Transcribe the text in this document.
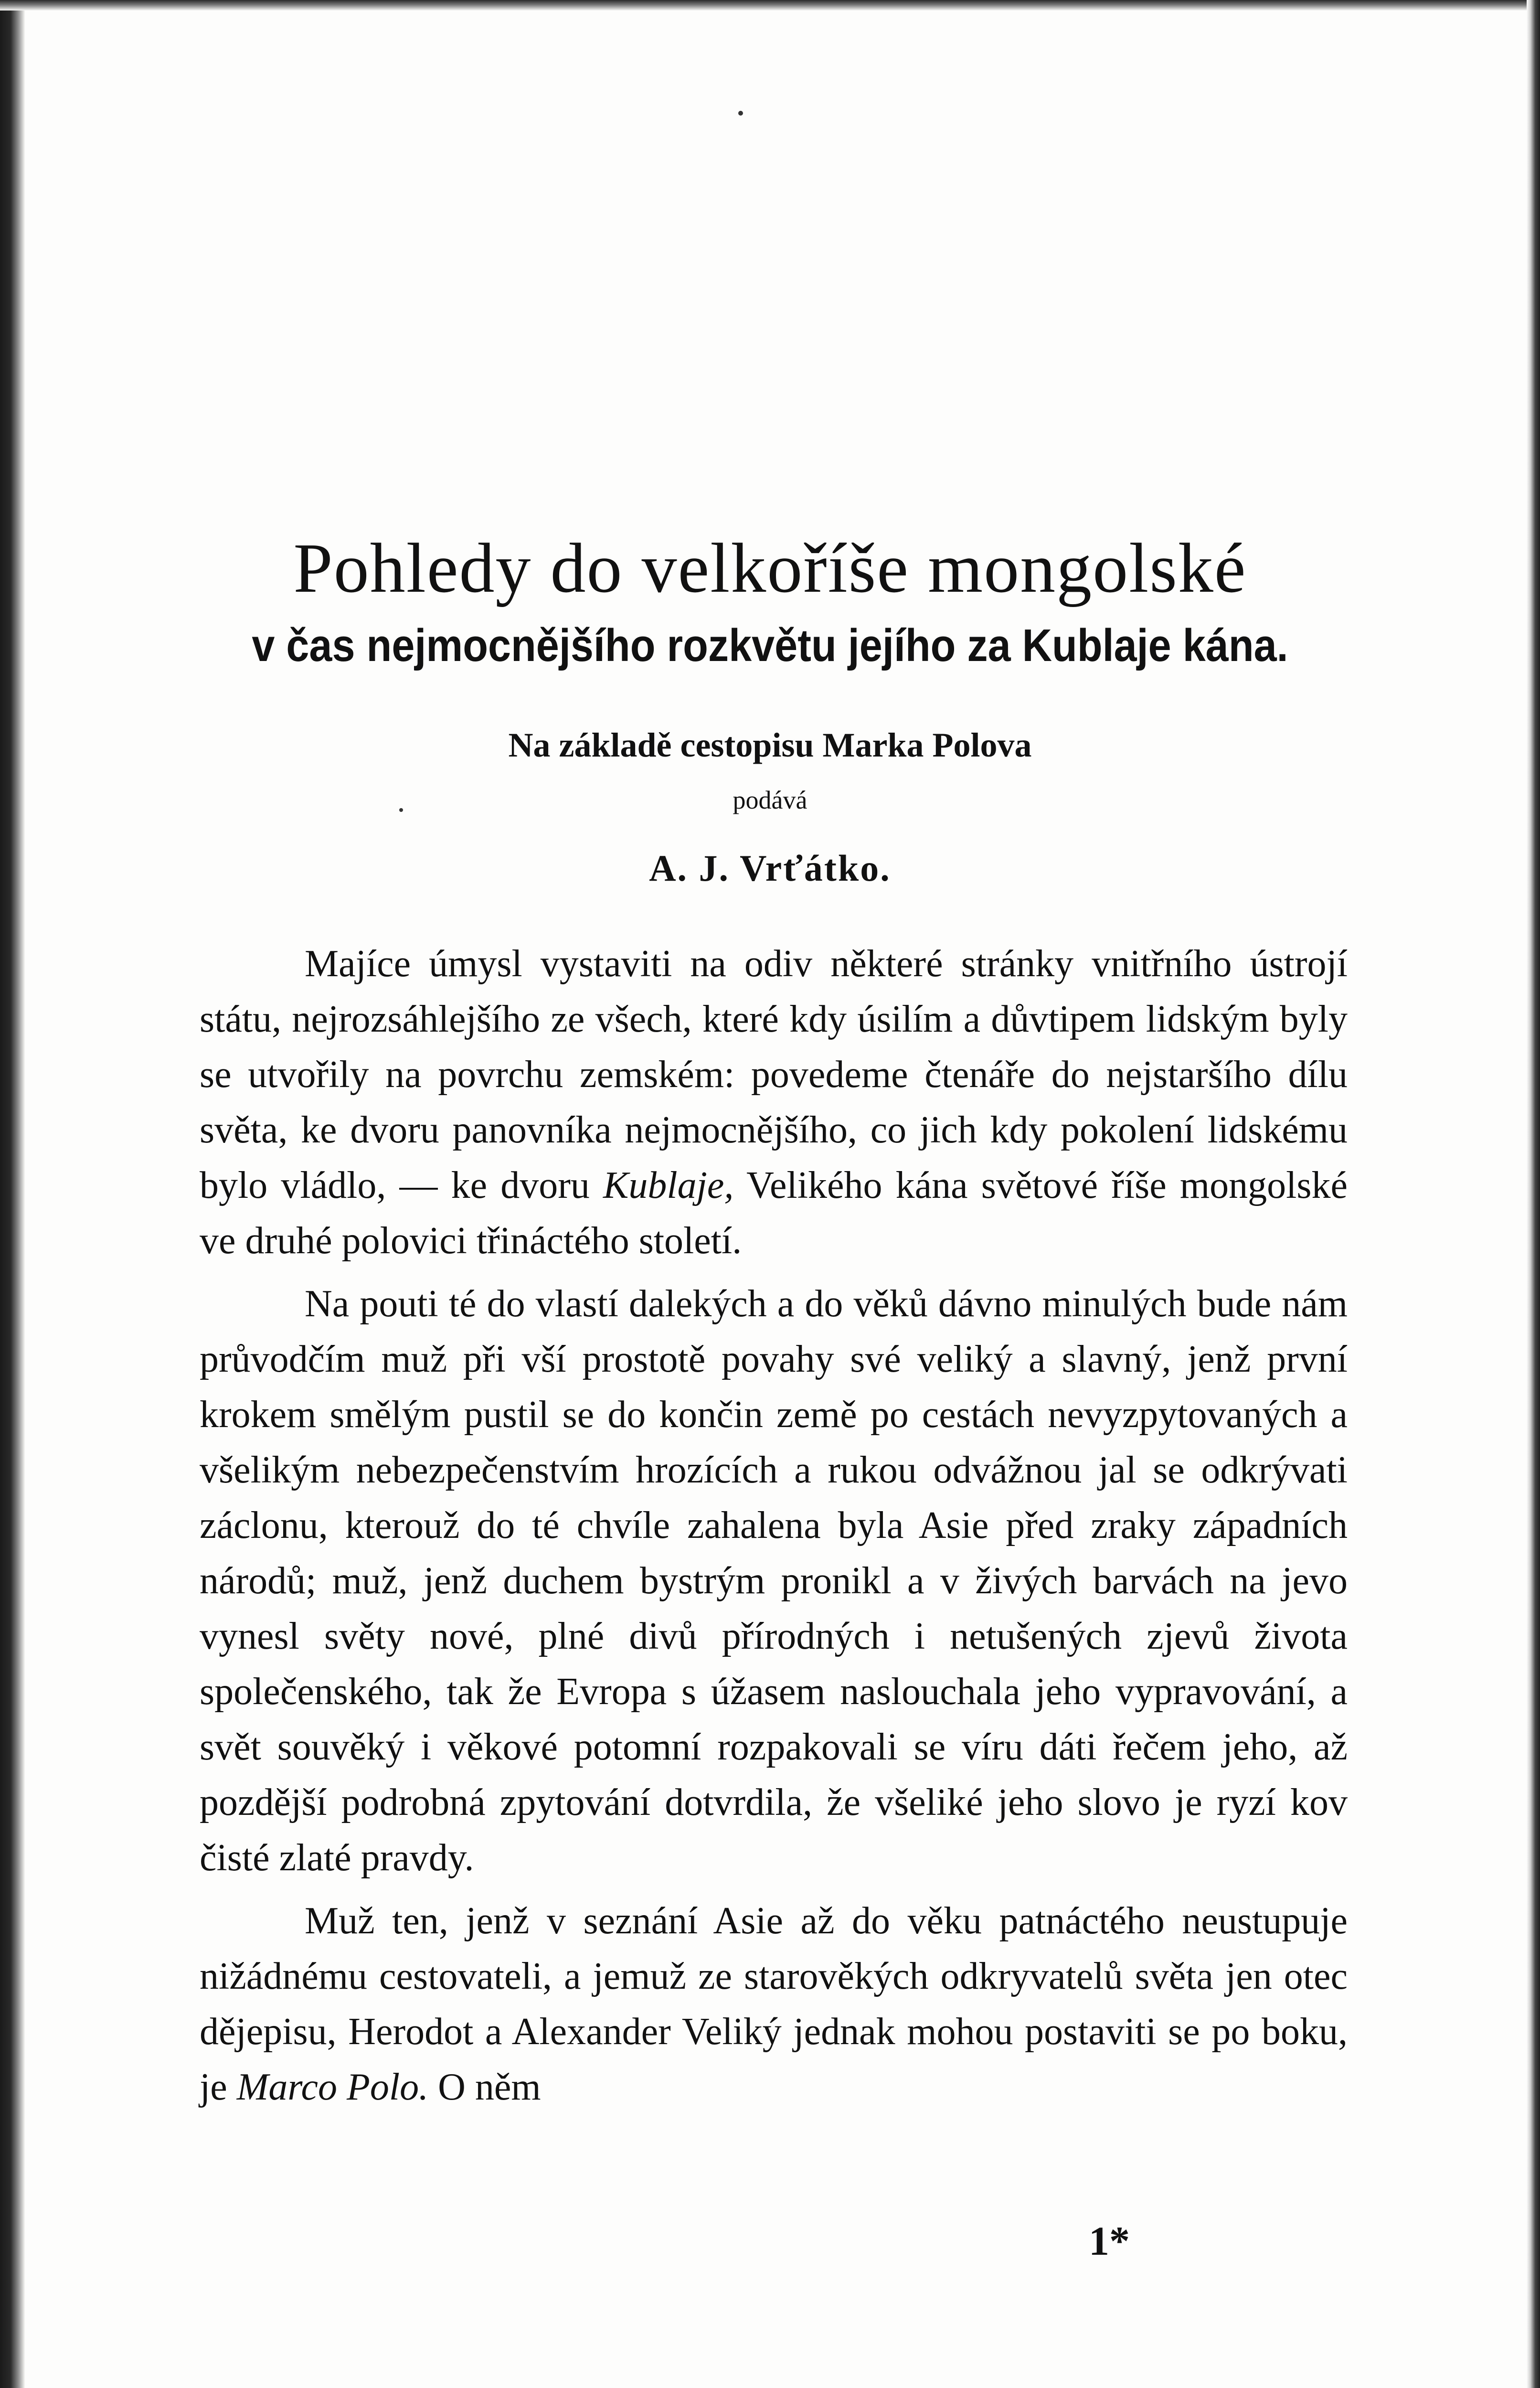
Pohledy do velkoříše mongolské
v čas nejmocnějšího rozkvětu jejího za Kublaje kána.
Na základě cestopisu Marka Polova
podává
A. J. Vrťátko.

Majíce úmysl vystaviti na odiv některé stránky vnitřního ústrojí státu, nejrozsáhlejšího ze všech, které kdy úsilím a důvtipem lidským byly se utvořily na povrchu zemském: povedeme čtenáře do nejstaršího dílu světa, ke dvoru panovníka nejmocnějšího, co jich kdy pokolení lidskému bylo vládlo, — ke dvoru Kublaje, Velikého kána světové říše mongolské ve druhé polovici třináctého století.

Na pouti té do vlastí dalekých a do věků dávno minulých bude nám průvodčím muž při vší prostotě povahy své veliký a slavný, jenž první krokem smělým pustil se do končin země po cestách nevyzpytovaných a všelikým nebezpečenstvím hrozících a rukou odvážnou jal se odkrývati záclonu, kterouž do té chvíle zahalena byla Asie před zraky západních národů; muž, jenž duchem bystrým pronikl a v živých barvách na jevo vynesl světy nové, plné divů přírodných i netušených zjevů života společenského, tak že Evropa s úžasem naslouchala jeho vypravování, a svět souvěký i věkové potomní rozpakovali se víru dáti řečem jeho, až pozdější podrobná zpytování dotvrdila, že všeliké jeho slovo je ryzí kov čisté zlaté pravdy.

Muž ten, jenž v seznání Asie až do věku patnáctého neustupuje nižádnému cestovateli, a jemuž ze starověkých odkryvatelů světa jen otec dějepisu, Herodot a Alexander Veliký jednak mohou postaviti se po boku, je Marco Polo. O něm

1*
